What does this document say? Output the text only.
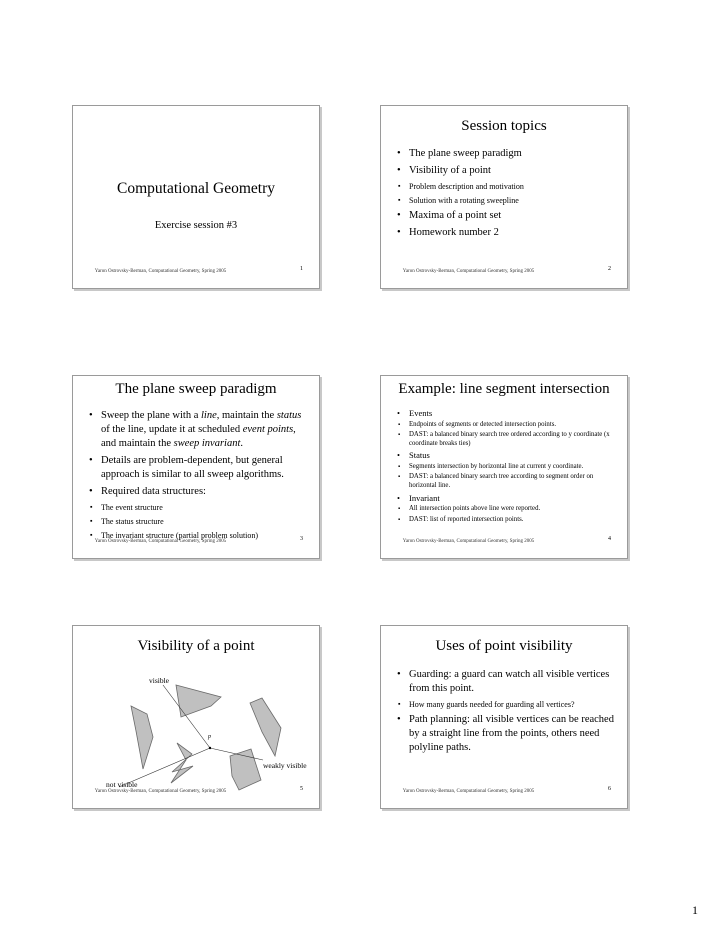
Computational Geometry
Exercise session #3
Yaron Ostrovsky-Berman, Computational Geometry, Spring 2005	1
Session topics
• The plane sweep paradigm
• Visibility of a point
▪ Problem description and motivation
▪ Solution with a rotating sweepline
• Maxima of a point set
• Homework number 2
Yaron Ostrovsky-Berman, Computational Geometry, Spring 2005	2
The plane sweep paradigm
• Sweep the plane with a line, maintain the status of the line, update it at scheduled event points, and maintain the sweep invariant.
• Details are problem-dependent, but general approach is similar to all sweep algorithms.
• Required data structures:
▪ The event structure
▪ The status structure
▪ The invariant structure (partial problem solution)
Yaron Ostrovsky-Berman, Computational Geometry, Spring 2005	3
Example: line segment intersection
• Events
▪ Endpoints of segments or detected intersection points.
▪ DAST: a balanced binary search tree ordered according to y coordinate (x coordinate breaks ties)
• Status
▪ Segments intersection by horizontal line at current y coordinate.
▪ DAST: a balanced binary search tree according to segment order on horizontal line.
• Invariant
▪ All intersection points above line were reported.
▪ DAST: list of reported intersection points.
Yaron Ostrovsky-Berman, Computational Geometry, Spring 2005	4
Visibility of a point
visible
p
weakly visible
not visible
Yaron Ostrovsky-Berman, Computational Geometry, Spring 2005	5
Uses of point visibility
• Guarding: a guard can watch all visible vertices from this point.
▪ How many guards needed for guarding all vertices?
• Path planning: all visible vertices can be reached by a straight line from the points, others need polyline paths.
Yaron Ostrovsky-Berman, Computational Geometry, Spring 2005	6
1
